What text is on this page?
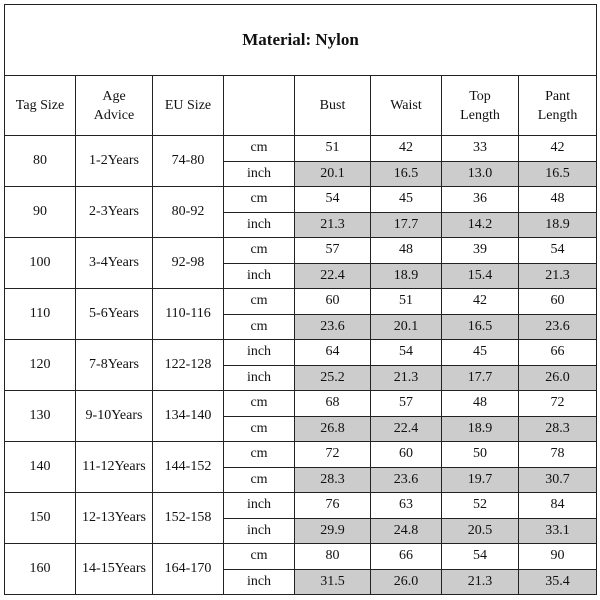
Material: Nylon							
Tag Size	Age Advice	EU Size		Bust	Waist	Top Length	Pant Length
80	1-2Years	74-80	cm	51	42	33	42
			inch	20.1	16.5	13.0	16.5
90	2-3Years	80-92	cm	54	45	36	48
			inch	21.3	17.7	14.2	18.9
100	3-4Years	92-98	cm	57	48	39	54
			inch	22.4	18.9	15.4	21.3
110	5-6Years	110-116	cm	60	51	42	60
			cm	23.6	20.1	16.5	23.6
120	7-8Years	122-128	inch	64	54	45	66
			inch	25.2	21.3	17.7	26.0
130	9-10Years	134-140	cm	68	57	48	72
			cm	26.8	22.4	18.9	28.3
140	11-12Years	144-152	cm	72	60	50	78
			cm	28.3	23.6	19.7	30.7
150	12-13Years	152-158	inch	76	63	52	84
			inch	29.9	24.8	20.5	33.1
160	14-15Years	164-170	cm	80	66	54	90
			inch	31.5	26.0	21.3	35.4
